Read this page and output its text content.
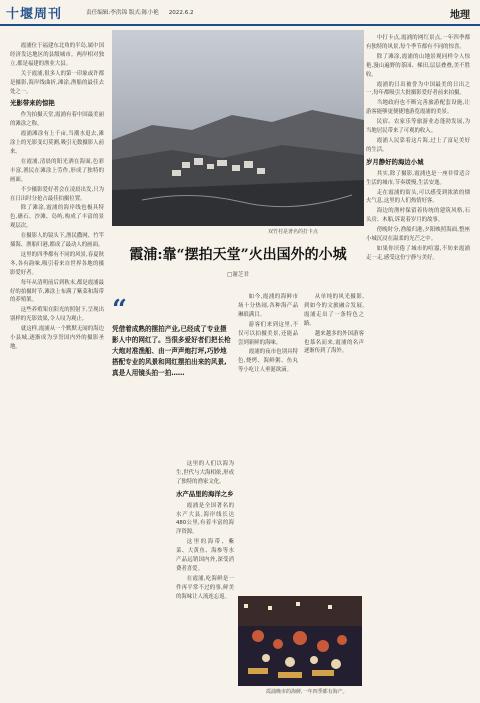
十堰周刊	责任编辑:李洪锦 版式:陈小艳 2022.6.2	地理

霞浦位于福建东北角的半岛,属中国经济发达地区的县级城市。两岸相对独立,都是福建的渔业大县。

关于霞浦,很多人的第一印象或许都是摄影,海岸线曲折,滩涂,渔船的最佳去处之一。

光影带来的惊艳

作为拍摄天堂,霞浦有着中国最美丽的滩涂之称。

霞浦滩涂有上千亩,当潮水退去,滩涂上的光影变幻莫测,吸引无数摄影人前来。

在霞浦,清晨的阳光洒在海面,色彩丰富,渔民在滩涂上劳作,形成了独特的画面。

不少摄影爱好者会在凌晨出发,只为在日出时分抢占最佳拍摄位置。

除了滩涂,霞浦的海岸线也极具特色,礁石、沙滩、岛屿,构成了丰富的景观层次。

在摄影人的镜头下,渔民撒网、竹竿插海、渔船归港,都成了最动人的画面。

这里的四季都有不同的风景,春夏秋冬,各有韵味,吸引着来自世界各地的摄影爱好者。

每年从清明前后到秋末,都是霞浦最好的拍摄时节,滩涂上布满了紫菜和海带的养殖架。

这些养殖架在阳光的照射下,呈现出别样的光影效果,令人叹为观止。

就这样,霞浦从一个默默无闻的海边小县城,逐渐成为享誉国内外的摄影圣地。

双竹村是著名的打卡点
霞浦:靠“摆拍天堂”火出国外的小城
□谢芝君
“
凭借着成熟的摆拍产业,已经成了专业摄影人中的网红了。当很多爱好者们把长枪大炮对准渔船、由一声声炮打坪,巧妙地搭配专业的风景和网红摆拍出来的风景,真是人用镜头拍一拍……

这里的人们以海为生,世代与大海相依,形成了独特的渔家文化。

水产品里的海洋之乡

霞浦是全国著名的水产大县,海岸线长达480公里,有着丰富的海洋资源。

这里的海带、紫菜、大黄鱼、海参等水产品远销国内外,深受消费者喜爱。

在霞浦,吃海鲜是一件再平常不过的事,鲜美的海味让人流连忘返。

如今,霞浦的海鲜市场十分热闹,各种海产品琳琅满目。

游客们来到这里,不仅可以拍摄美景,还能品尝到新鲜的海味。

霞浦的夜市也别具特色,烧烤、海鲜粥、鱼丸等小吃让人垂涎欲滴。

从单纯的风光摄影,到如今的文旅融合发展,霞浦走出了一条特色之路。

越来越多的外国游客也慕名而来,霞浦的名声逐渐传到了海外。

霞浦晚市的海鲜,一年四季都有海产。

中打卡点,霞浦的网红景点,一年四季都有独特的风景,每个季节都有不同的惊喜。

除了滩涂,霞浦的山地景观同样令人惊艳,漫山遍野的茶园、梯田,层层叠叠,美不胜收。

霞浦的日出被誉为中国最美的日出之一,每年都吸引大批摄影爱好者前来拍摄。

当地政府也不断完善旅游配套设施,让游客能够更便捷地游览霞浦的美景。

民宿、农家乐等旅游业态蓬勃发展,为当地居民带来了可观的收入。

霞浦人民靠着这片海,过上了富足美好的生活。

岁月静好的海边小城

其实,除了摄影,霞浦也是一座非常适合生活的城市,节奏缓慢,生活安逸。

走在霞浦的街头,可以感受到浓浓的烟火气息,这里的人们热情好客。

海边的渔村保留着传统的建筑风格,石头房、木船,诉说着岁月的故事。

傍晚时分,渔船归港,夕阳映照海面,整座小城沉浸在温柔的光芒之中。

如果你厌倦了城市的喧嚣,不妨来霞浦走一走,感受这份宁静与美好。
